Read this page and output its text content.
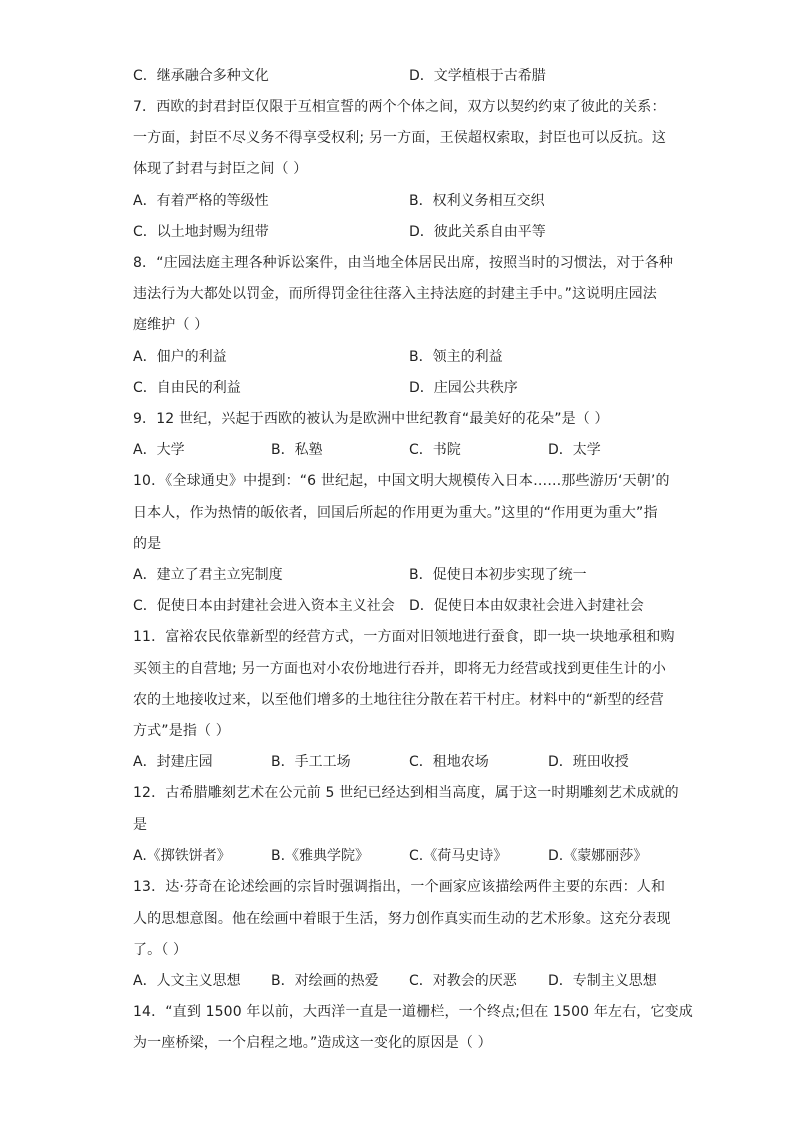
C．继承融合多种文化	D．文学植根于古希腊
7．西欧的封君封臣仅限于互相宣誓的两个个体之间，双方以契约约束了彼此的关系：
一方面，封臣不尽义务不得享受权利; 另一方面，王侯超权索取，封臣也可以反抗。这
体现了封君与封臣之间（ ）
A．有着严格的等级性	B．权利义务相互交织
C．以土地封赐为纽带	D．彼此关系自由平等
8．“庄园法庭主理各种诉讼案件，由当地全体居民出席，按照当时的习惯法，对于各种
违法行为大都处以罚金，而所得罚金往往落入主持法庭的封建主手中。”这说明庄园法
庭维护（ ）
A．佃户的利益	B．领主的利益
C．自由民的利益	D．庄园公共秩序
9．12 世纪，兴起于西欧的被认为是欧洲中世纪教育“最美好的花朵”是（ ）
A．大学	B．私塾	C．书院	D．太学
10．《全球通史》中提到：“6 世纪起，中国文明大规模传入日本……那些游历‘天朝’的
日本人，作为热情的皈依者，回国后所起的作用更为重大。”这里的“作用更为重大”指
的是
A．建立了君主立宪制度	B．促使日本初步实现了统一
C．促使日本由封建社会进入资本主义社会 D．促使日本由奴隶社会进入封建社会
11．富裕农民依靠新型的经营方式，一方面对旧领地进行蚕食，即一块一块地承租和购
买领主的自营地; 另一方面也对小农份地进行吞并，即将无力经营或找到更佳生计的小
农的土地接收过来，以至他们增多的土地往往分散在若干村庄。材料中的“新型的经营
方式”是指（ ）
A．封建庄园	B．手工工场	C．租地农场	D．班田收授
12．古希腊雕刻艺术在公元前 5 世纪已经达到相当高度，属于这一时期雕刻艺术成就的
是
A.《掷铁饼者》	B.《雅典学院》	C.《荷马史诗》	D.《蒙娜丽莎》
13．达·芬奇在论述绘画的宗旨时强调指出，一个画家应该描绘两件主要的东西：人和
人的思想意图。他在绘画中着眼于生活，努力创作真实而生动的艺术形象。这充分表现
了。（ ）
A．人文主义思想 B．对绘画的热爱 C．对教会的厌恶 D．专制主义思想
14．“直到 1500 年以前，大西洋一直是一道栅栏，一个终点;但在 1500 年左右，它变成
为一座桥梁，一个启程之地。”造成这一变化的原因是（ ）
